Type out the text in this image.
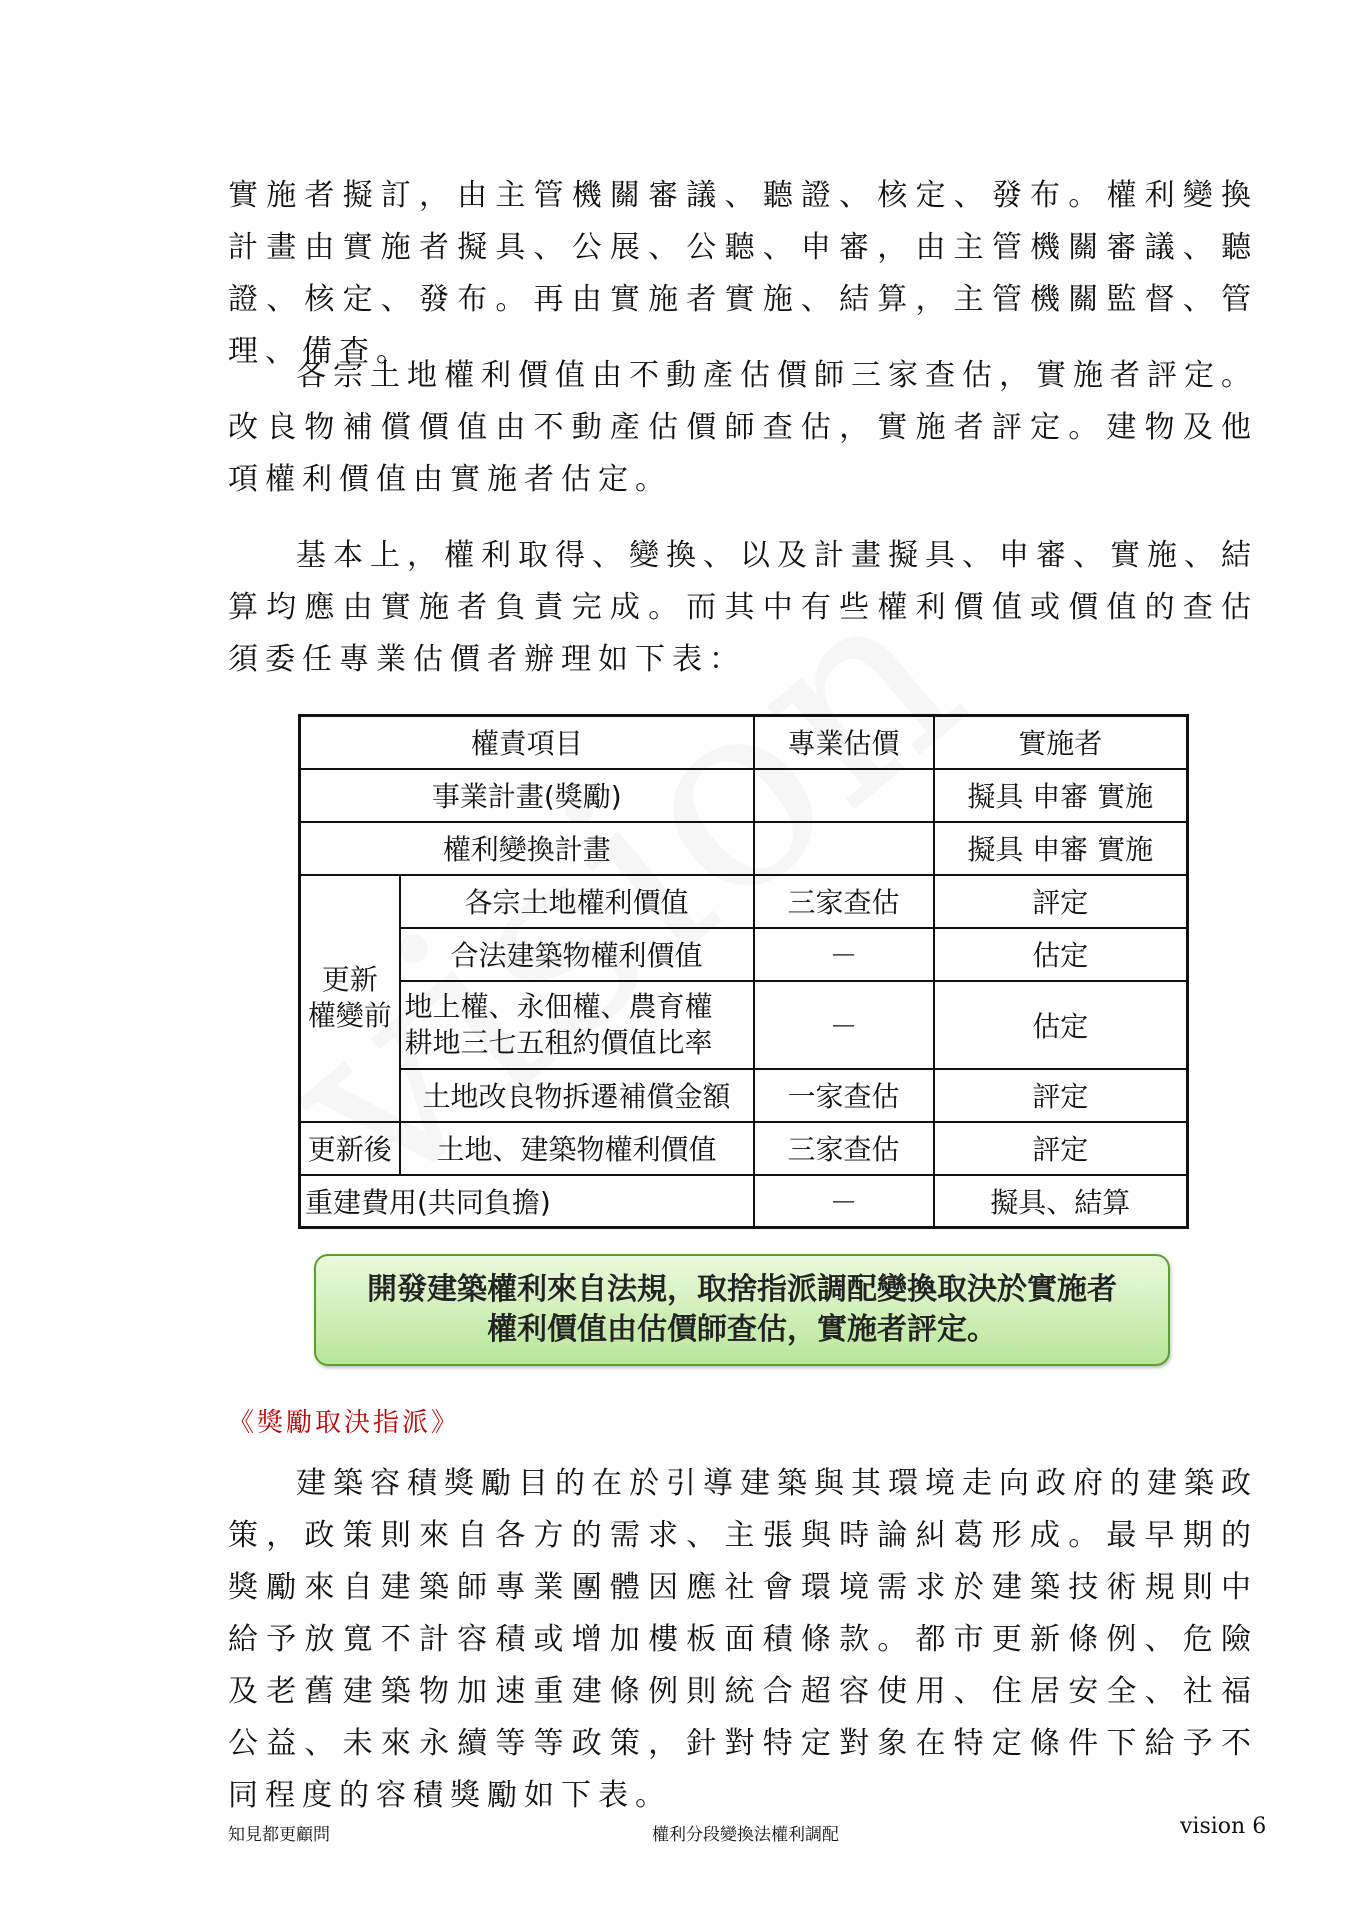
實施者擬訂，由主管機關審議、聽證、核定、發布。權利變換計畫由實施者擬具、公展、公聽、申審，由主管機關審議、聽證、核定、發布。再由實施者實施、結算，主管機關監督、管理、備查。

各宗土地權利價值由不動產估價師三家查估，實施者評定。改良物補償價值由不動產估價師查估，實施者評定。建物及他項權利價值由實施者估定。

基本上，權利取得、變換、以及計畫擬具、申審、實施、結算均應由實施者負責完成。而其中有些權利價值或價值的查估須委任專業估價者辦理如下表：

權責項目		專業估價	實施者
事業計畫(獎勵)			擬具 申審 實施
權利變換計畫			擬具 申審 實施
更新
權變前	各宗土地權利價值	三家查估	評定
	合法建築物權利價值	－	估定
	地上權、永佃權、農育權
耕地三七五租約價值比率	－	估定
	土地改良物拆遷補償金額	一家查估	評定
更新後	土地、建築物權利價值	三家查估	評定
重建費用(共同負擔)		－	擬具、結算
開發建築權利來自法規，取捨指派調配變換取決於實施者
權利價值由估價師查估，實施者評定。

《獎勵取決指派》

建築容積獎勵目的在於引導建築與其環境走向政府的建築政策，政策則來自各方的需求、主張與時論糾葛形成。最早期的獎勵來自建築師專業團體因應社會環境需求於建築技術規則中給予放寬不計容積或增加樓板面積條款。都市更新條例、危險及老舊建築物加速重建條例則統合超容使用、住居安全、社福公益、未來永續等等政策，針對特定對象在特定條件下給予不同程度的容積獎勵如下表。

知見都更顧問	權利分段變換法權利調配	vision 6
